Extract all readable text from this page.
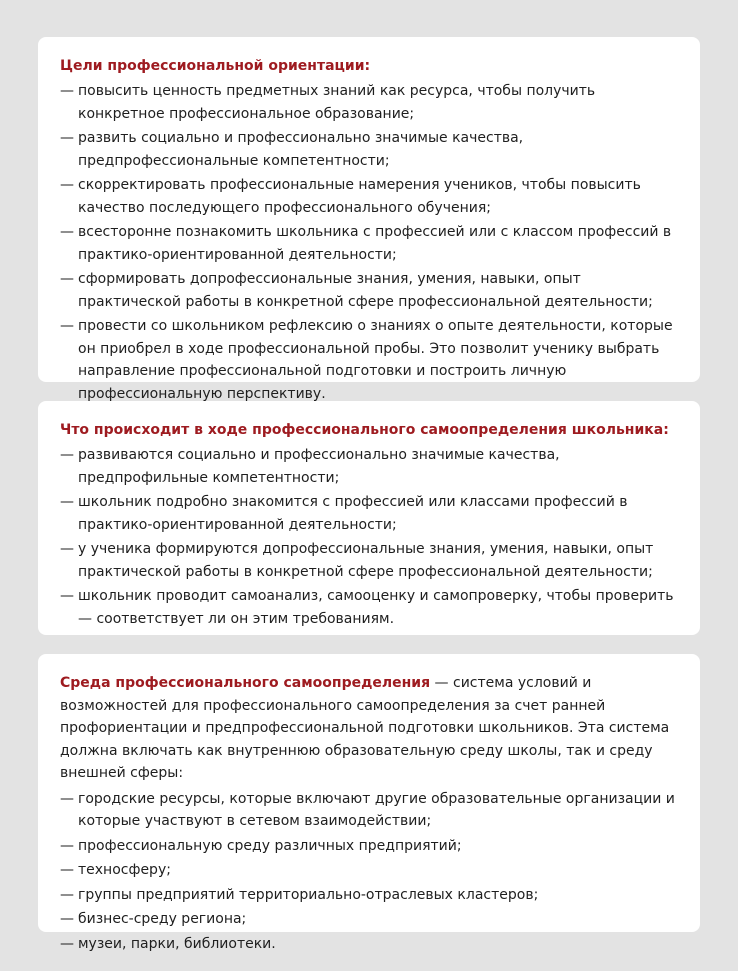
Цели профессиональной ориентации:
— повысить ценность предметных знаний как ресурса, чтобы получить конкретное профессиональное образование;
— развить социально и профессионально значимые качества, предпрофессиональные компетентности;
— скорректировать профессиональные намерения учеников, чтобы повысить качество последующего профессионального обучения;
— всесторонне познакомить школьника с профессией или с классом профессий в практико-ориентированной деятельности;
— сформировать допрофессиональные знания, умения, навыки, опыт практической работы в конкретной сфере профессиональной деятельности;
— провести со школьником рефлексию о знаниях о опыте деятельности, которые он приобрел в ходе профессиональной пробы. Это позволит ученику выбрать направление профессиональной подготовки и построить личную профессиональную перспективу.
Что происходит в ходе профессионального самоопределения школьника:
— развиваются социально и профессионально значимые качества, предпрофильные компетентности;
— школьник подробно знакомится с профессией или классами профессий в практико-ориентированной деятельности;
— у ученика формируются допрофессиональные знания, умения, навыки, опыт практической работы в конкретной сфере профессиональной деятельности;
— школьник проводит самоанализ, самооценку и самопроверку, чтобы проверить — соответствует ли он этим требованиям.

Среда профессионального самоопределения — система условий и возможностей для профессионального самоопределения за счет ранней профориентации и предпрофессиональной подготовки школьников. Эта система должна включать как внутреннюю образовательную среду школы, так и среду внешней сферы:

— городские ресурсы, которые включают другие образовательные организации и которые участвуют в сетевом взаимодействии;
— профессиональную среду различных предприятий;
— техносферу;
— группы предприятий территориально-отраслевых кластеров;
— бизнес-среду региона;
— музеи, парки, библиотеки.
